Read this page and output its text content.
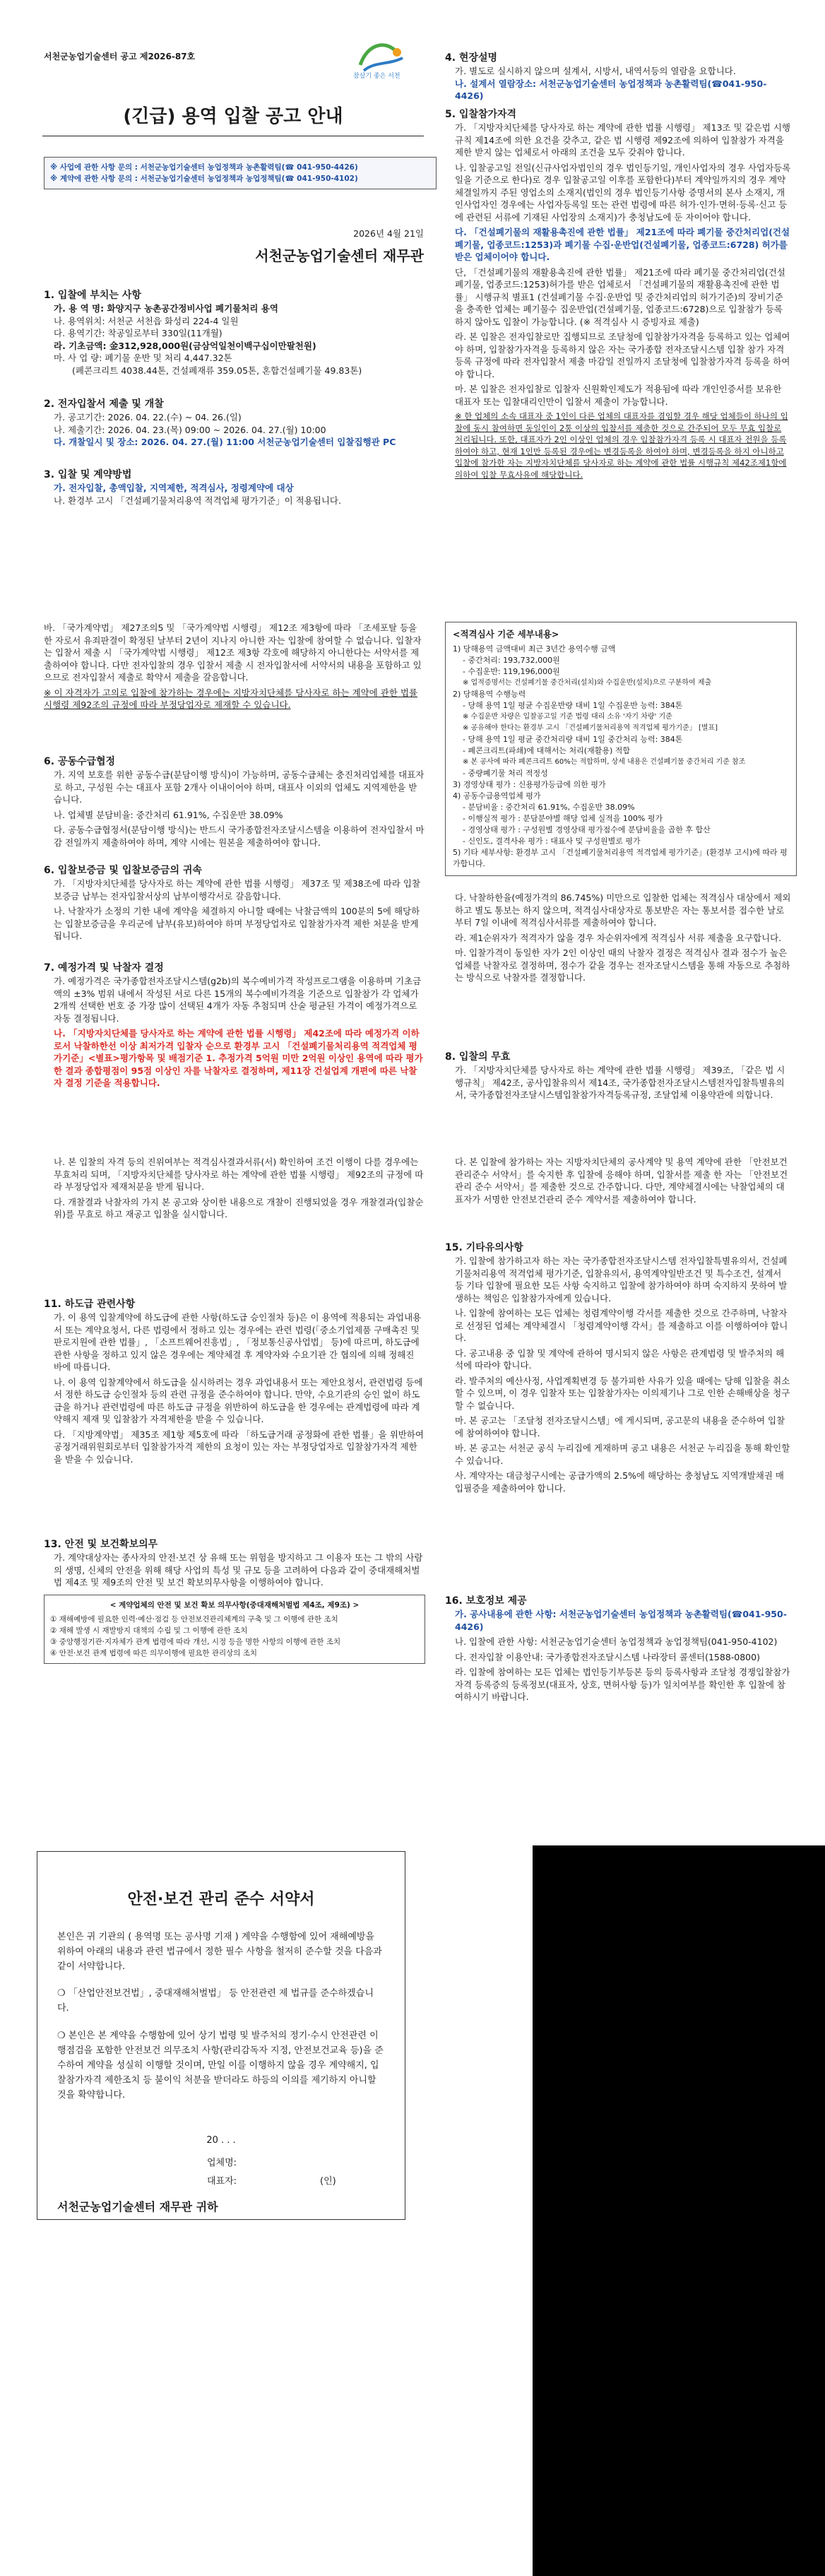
서천군농업기술센터 공고 제2026-87호
참살기 좋은 서천
(긴급) 용역 입찰 공고 안내
※ 사업에 관한 사항 문의 : 서천군농업기술센터 농업정책과 농촌활력팀(☎ 041-950-4426)
※ 계약에 관한 사항 문의 : 서천군농업기술센터 농업정책과 농업정책팀(☎ 041-950-4102)
2026년 4월 21일
서천군농업기술센터 재무관
1. 입찰에 부치는 사항
가. 용 역 명: 화양지구 농촌공간정비사업 폐기물처리 용역
나. 용역위치: 서천군 서천읍 화성리 224-4 일원
다. 용역기간: 착공일로부터 330일(11개월)
라. 기초금액: 金312,928,000원(금삼억일천이백구십이만팔천원)
마. 사 업 량: 폐기물 운반 및 처리 4,447.32톤
(폐콘크리트 4038.44톤, 건설폐재류 359.05톤, 혼합건설폐기물 49.83톤)
2. 전자입찰서 제출 및 개찰
가. 공고기간: 2026. 04. 22.(수) ~ 04. 26.(일)
나. 제출기간: 2026. 04. 23.(목) 09:00 ~ 2026. 04. 27.(월) 10:00
다. 개찰일시 및 장소: 2026. 04. 27.(월) 11:00 서천군농업기술센터 입찰집행관 PC
3. 입찰 및 계약방법
가. 전자입찰, 총액입찰, 지역제한, 적격심사, 정령계약에 대상
나. 환경부 고시 「건설폐기물처리용역 적격업체 평가기준」이 적용됩니다.
4. 현장설명
가. 별도로 실시하지 않으며 설계서, 시방서, 내역서등의 열람을 요합니다.
나. 설계서 열람장소: 서천군농업기술센터 농업정책과 농촌활력팀(☎041-950-4426)
5. 입찰참가자격

가. 「지방자치단체를 당사자로 하는 계약에 관한 법률 시행령」 제13조 및 같은법 시행규칙 제14조에 의한 요건을 갖추고, 같은 법 시행령 제92조에 의하여 입찰참가 자격을 제한 받지 않는 업체로서 아래의 조건을 모두 갖춰야 합니다.

나. 입찰공고일 전일(신규사업자법인의 경우 법인등기일, 개인사업자의 경우 사업자등록일을 기준으로 한다)로 경우 입찰공고일 이후를 포함한다)부터 계약일까지의 경우 계약체결일까지 주된 영업소의 소재지(법인의 경우 법인등기사항 증명서의 본사 소재지, 개인사업자인 경우에는 사업자등록일 또는 관련 법령에 따른 허가·인가·면허·등록·신고 등에 관련된 서류에 기재된 사업장의 소재지)가 충청남도에 둔 자이어야 합니다.

다. 「건설폐기물의 재활용촉진에 관한 법률」 제21조에 따라 폐기물 중간처리업(건설폐기물, 업종코드:1253)과 폐기물 수집·운반업(건설폐기물, 업종코드:6728) 허가를 받은 업체이어야 합니다.

단, 「건설폐기물의 재활용촉진에 관한 법률」 제21조에 따라 폐기물 중간처리업(건설폐기물, 업종코드:1253)허가를 받은 업체로서 「건설폐기물의 재활용촉진에 관한 법률」 시행규칙 별표1 (건설폐기물 수집·운반업 및 중간처리업의 허가기준)의 장비기준을 충족한 업체는 폐기물수 집운반업(건설폐기물, 업종코드:6728)으로 입찰참가 등록하지 않아도 입찰이 가능합니다. (※ 적격심사 시 증빙자료 제출)

라. 본 입찰은 전자입찰로만 집행되므로 조달청에 입찰참가자격을 등록하고 있는 업체여야 하며, 입찰참가자격을 등록하지 않은 자는 국가종합 전자조달시스템 입찰 참가 자격 등록 규정에 따라 전자입찰서 제출 마감일 전일까지 조달청에 입찰참가자격 등록을 하여야 합니다.

마. 본 입찰은 전자입찰로 입찰자 신원확인제도가 적용됨에 따라 개인인증서를 보유한 대표자 또는 입찰대리인만이 입찰서 제출이 가능합니다.

※ 한 업체의 소속 대표자 중 1인이 다른 업체의 대표자를 겸임할 경우 해당 업체들이 하나의 입찰에 동시 참여하면 동일인이 2통 이상의 입찰서를 제출한 것으로 간주되어 모두 무효 입찰로 처리됩니다. 또한, 대표자가 2인 이상인 업체의 경우 입찰참가자격 등록 시 대표자 전원을 등록하여야 하고, 현재 1인만 등록된 경우에는 변경등록을 하여야 하며, 변경등록을 하지 아니하고 입찰에 참가한 자는 지방자치단체를 당사자로 하는 계약에 관한 법률 시행규칙 제42조제1항에 의하여 입찰 무효사유에 해당합니다.

바. 「국가계약법」 제27조의5 및 「국가계약법 시행령」 제12조 제3항에 따라 「조세포탈 등을 한 자로서 유죄판결이 확정된 날부터 2년이 지나지 아니한 자는 입찰에 참여할 수 없습니다. 입찰자는 입찰서 제출 시 「국가계약법 시행령」 제12조 제3항 각호에 해당하지 아니한다는 서약서를 제출하여야 합니다. 다만 전자입찰의 경우 입찰서 제출 시 전자입찰서에 서약서의 내용을 포함하고 있으므로 전자입찰서 제출로 확약서 제출을 갈음합니다.

※ 이 자격자가 고의로 입찰에 참가하는 경우에는 지방자치단체를 당사자로 하는 계약에 관한 법률 시행령 제92조의 규정에 따라 부정당업자로 제재할 수 있습니다.

6. 공동수급협정

가. 지역 보호를 위한 공동수급(분담이행 방식)이 가능하며, 공동수급체는 충진처리업체를 대표자로 하고, 구성원 수는 대표사 포함 2개사 이내이어야 하며, 대표사 이외의 업체도 지역제한을 받습니다.

나. 업체별 분담비율: 중간처리 61.91%, 수집운반 38.09%

다. 공동수급협정서(분담이행 방식)는 반드시 국가종합전자조달시스템을 이용하여 전자입찰서 마감 전일까지 제출하여야 하며, 계약 시에는 원본을 제출하여야 합니다.

6. 입찰보증금 및 입찰보증금의 귀속

가. 「지방자치단체를 당사자로 하는 계약에 관한 법률 시행령」 제37조 및 제38조에 따라 입찰보증금 납부는 전자입찰서상의 납부이행각서로 갈음합니다.

나. 낙찰자가 소정의 기한 내에 계약을 체결하지 아니할 때에는 낙찰금액의 100분의 5에 해당하는 입찰보증금을 우리군에 납부(유보)하여야 하며 부정당업자로 입찰참가자격 제한 처분을 받게 됩니다.

7. 예정가격 및 낙찰자 결정

가. 예정가격은 국가종합전자조달시스템(g2b)의 복수예비가격 작성프로그램을 이용하며 기초금액의 ±3% 범위 내에서 작성된 서로 다른 15개의 복수예비가격을 기준으로 입찰참가 각 업체가 2개씩 선택한 번호 중 가장 많이 선택된 4개가 자동 추첨되며 산술 평균된 가격이 예정가격으로 자동 결정됩니다.

나. 「지방자치단체를 당사자로 하는 계약에 관한 법률 시행령」 제42조에 따라 예정가격 이하로서 낙찰하한선 이상 최저가격 입찰자 순으로 환경부 고시 「건설폐기물처리용역 적격업체 평가기준」<별표>평가항목 및 배점기준 1. 추정가격 5억원 미만 2억원 이상인 용역에 따라 평가한 결과 종합평점이 95점 이상인 자를 낙찰자로 결정하며, 제11장 건설업계 개편에 따른 낙찰자 결정 기준을 적용합니다.

<적격심사 기준 세부내용>
1) 당해용역 금액대비 최근 3년간 용역수행 금액
- 중간처리: 193,732,000원
- 수집운반: 119,196,000원
※ 업적증명서는 건설폐기물 중간처리(설치)와 수집운반(설치)으로 구분하여 제출
2) 당해용역 수행능력
- 당해 용역 1일 평균 수집운반량 대비 1일 수집운반 능력: 384톤
※ 수집운반 차량은 입찰공고일 기준 법령 대리 소유 '자기 차량' 기준
※ 공유해야 한다는 환경부 고시 「건설폐기물처리용역 적격업체 평가기준」 [별표]
- 당해 용역 1일 평균 중간처리량 대비 1일 중간처리 능력: 384톤
- 폐콘크리트(파쇄)에 대해서는 처리(재활용) 적합
※ 본 공사에 따라 폐콘크리트 60%는 적합하며, 상세 내용은 건설폐기물 중간처리 기준 참조
- 중량폐기물 처리 적정성
3) 경영상태 평가 : 신용평가등급에 의한 평가
4) 공동수급용역업체 평가
- 분담비율 : 중간처리 61.91%, 수집운반 38.09%
- 이행실적 평가 : 분담분야별 해당 업체 실적을 100% 평가
- 경영상태 평가 : 구성원별 경영상태 평가점수에 분담비율을 곱한 후 합산
- 신인도, 결격사유 평가 : 대표사 및 구성원별로 평가
5) 기타 세부사항: 환경부 고시 「건설폐기물처리용역 적격업체 평가기준」(환경부 고시)에 따라 평가합니다.

다. 낙찰하한율(예정가격의 86.745%) 미만으로 입찰한 업체는 적격심사 대상에서 제외하고 별도 통보는 하지 않으며, 적격심사대상자로 통보받은 자는 통보서를 접수한 날로부터 7일 이내에 적격심사서류를 제출하여야 합니다.

라. 제1순위자가 적격자가 않을 경우 차순위자에게 적격심사 서류 제출을 요구합니다.

마. 입찰가격이 동일한 자가 2인 이상인 때의 낙찰자 결정은 적격심사 결과 점수가 높은 업체를 낙찰자로 결정하며, 점수가 같을 경우는 전자조달시스템을 통해 자동으로 추첨하는 방식으로 낙찰자를 결정합니다.

8. 입찰의 무효

가. 「지방자치단체를 당사자로 하는 계약에 관한 법률 시행령」 제39조, 「같은 법 시행규칙」 제42조, 공사입찰유의서 제14조, 국가종합전자조달시스템전자입찰특별유의서, 국가종합전자조달시스템입찰참가자격등록규정, 조달업체 이용약관에 의합니다.

나. 본 입찰의 자격 등의 진위여부는 적격심사결과서류(서) 확인하여 조건 이행이 다를 경우에는 무효처리 되며, 「지방자치단체를 당사자로 하는 계약에 관한 법률 시행령」 제92조의 규정에 따라 부정당업자 제재처분을 받게 됩니다.

다. 개찰결과 낙찰자의 가지 본 공고와 상이한 내용으로 개찰이 진행되었을 경우 개찰결과(입찰순위)를 무효로 하고 재공고 입찰을 실시합니다.

11. 하도급 관련사항

가. 이 용역 입찰계약에 하도급에 관한 사항(하도급 승인절차 등)은 이 용역에 적용되는 과업내용서 또는 계약요청서, 다른 법령에서 정하고 있는 경우에는 관련 법령(「중소기업제품 구매촉진 및 판로지원에 관한 법률」, 「소프트웨어진흥법」, 「정보통신공사업법」 등)에 따르며, 하도급에 관한 사항을 정하고 있지 않은 경우에는 계약체결 후 계약자와 수요기관 간 협의에 의해 정해진 바에 따릅니다.

나. 이 용역 입찰계약에서 하도급을 실시하려는 경우 과업내용서 또는 제안요청서, 관련법령 등에서 정한 하도급 승인절차 등의 관련 규정을 준수하여야 합니다. 만약, 수요기관의 승인 없이 하도급을 하거나 관련법령에 따른 하도급 규정을 위반하여 하도급을 한 경우에는 관계법령에 따라 계약해지 제재 및 입찰참가 자격제한을 받을 수 있습니다.

다. 「지방계약법」 제35조 제1항 제5호에 따라 「하도급거래 공정화에 관한 법률」을 위반하여 공정거래위원회로부터 입찰참가자격 제한의 요청이 있는 자는 부정당업자로 입찰참가자격 제한을 받을 수 있습니다.

13. 안전 및 보건확보의무

가. 계약대상자는 종사자의 안전·보건 상 유해 또는 위험을 방지하고 그 이용자 또는 그 밖의 사람의 생명, 신체의 안전을 위해 해당 사업의 특성 및 규모 등을 고려하여 다음과 같이 중대재해처벌법 제4조 및 제9조의 안전 및 보건 확보의무사항을 이행하여야 합니다.

< 계약업체의 안전 및 보건 확보 의무사항(중대재해처벌법 제4조, 제9조) >
① 재해예방에 필요한 인력·예산·점검 등 안전보건관리체계의 구축 및 그 이행에 관한 조치
② 재해 발생 시 재발방지 대책의 수립 및 그 이행에 관한 조치
③ 중앙행정기관·지자체가 관계 법령에 따라 개선, 시정 등을 명한 사항의 이행에 관한 조치
④ 안전·보건 관계 법령에 따른 의무이행에 필요한 관리상의 조치

다. 본 입찰에 참가하는 자는 지방자치단체의 공사계약 및 용역 계약에 관한 「안전보건관리준수 서약서」를 숙지한 후 입찰에 응해야 하며, 입찰서를 제출 한 자는 「안전보건관리 준수 서약서」를 제출한 것으로 간주합니다. 다만, 계약체결시에는 낙찰업체의 대표자가 서명한 안전보건관리 준수 계약서를 제출하여야 합니다.

15. 기타유의사항

가. 입찰에 참가하고자 하는 자는 국가종합전자조달시스템 전자입찰특별유의서, 건설폐기물처리용역 적격업체 평가기준, 입찰유의서, 용역계약일반조건 및 특수조건, 설계서 등 기타 입찰에 필요한 모든 사항 숙지하고 입찰에 참가하여야 하며 숙지하지 못하여 발생하는 책임은 입찰참가자에게 있습니다.

나. 입찰에 참여하는 모든 업체는 청렴계약이행 각서를 제출한 것으로 간주하며, 낙찰자로 선정된 업체는 계약체결시 「청렴계약이행 각서」를 제출하고 이를 이행하여야 합니다.

다. 공고내용 중 입찰 및 계약에 관하여 명시되지 않은 사항은 관계법령 및 발주처의 해석에 따라야 합니다.

라. 발주처의 예산사정, 사업계획변경 등 불가피한 사유가 있을 때에는 당해 입찰을 취소할 수 있으며, 이 경우 입찰자 또는 입찰참가자는 이의제기나 그로 인한 손해배상을 청구할 수 없습니다.

마. 본 공고는 「조달청 전자조달시스템」에 게시되며, 공고문의 내용을 준수하여 입찰에 참여하여야 합니다.

바. 본 공고는 서천군 공식 누리집에 게재하며 공고 내용은 서천군 누리집을 통해 확인할 수 있습니다.

사. 계약자는 대금청구시에는 공급가액의 2.5%에 해당하는 충청남도 지역개발채권 매입필증을 제출하여야 합니다.

16. 보호정보 제공

가. 공사내용에 관한 사항: 서천군농업기술센터 농업정책과 농촌활력팀(☎041-950-4426)

나. 입찰에 관한 사항: 서천군농업기술센터 농업정책과 농업정책팀(041-950-4102)

다. 전자입찰 이용안내: 국가종합전자조달시스템 나라장터 콜센터(1588-0800)

라. 입찰에 참여하는 모든 업체는 법인등기부등본 등의 등록사항과 조달청 경쟁입찰참가자격 등록증의 등록정보(대표자, 상호, 면허사항 등)가 일치여부를 확인한 후 입찰에 참여하시기 바랍니다.

안전·보건 관리 준수 서약서
본인은 귀 기관의 ( 용역명 또는 공사명 기재 ) 계약을 수행함에 있어 재해예방을 위하여 아래의 내용과 관련 법규에서 정한 필수 사항을 철저히 준수할 것을 다음과 같이 서약합니다.
❍ 「산업안전보건법」, 중대재해처벌법」 등 안전관련 제 법규를 준수하겠습니다.
❍ 본인은 본 계약을 수행함에 있어 상기 법령 및 발주처의 정기·수시 안전관련 이행점검을 포함한 안전보건 의무조치 사항(관리감독자 지정, 안전보건교육 등)을 준수하여 계약을 성실히 이행할 것이며, 만일 이를 이행하지 않을 경우 계약해지, 입찰참가자격 제한조치 등 불이익 처분을 받더라도 하등의 이의를 제기하지 아니할 것을 확약합니다.
20 . . .
업체명:
대표자:	(인)
서천군농업기술센터 재무관 귀하
